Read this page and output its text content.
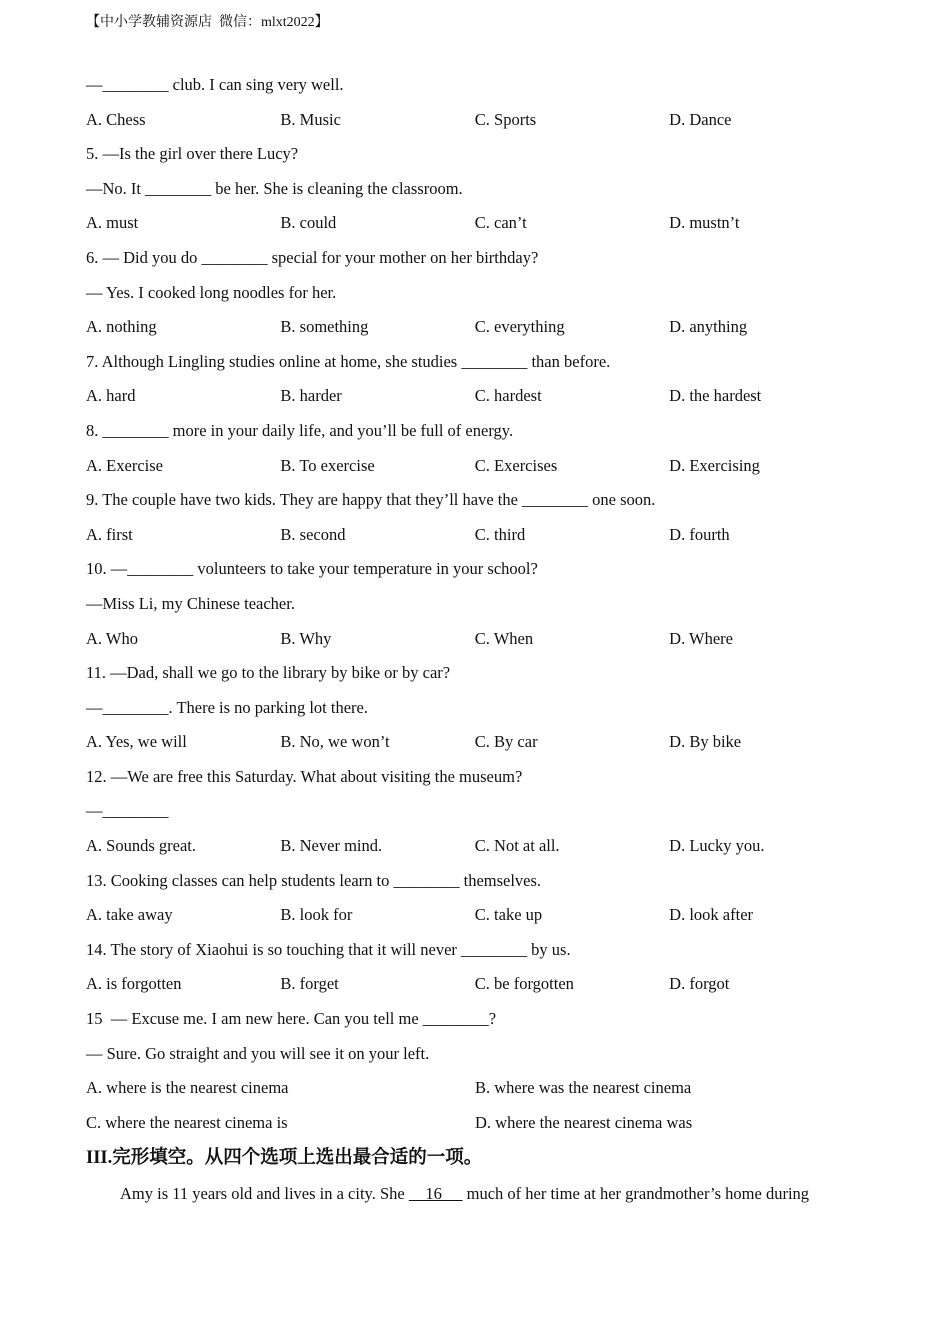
【中小学教辅资源店  微信：mlxt2022】
—________ club. I can sing very well.
A. Chess	B. Music	C. Sports	D. Dance
5. —Is the girl over there Lucy?
—No. It ________ be her. She is cleaning the classroom.
A. must	B. could	C. can’t	D. mustn’t
6. — Did you do ________ special for your mother on her birthday?
— Yes. I cooked long noodles for her.
A. nothing	B. something	C. everything	D. anything
7. Although Lingling studies online at home, she studies ________ than before.
A. hard	B. harder	C. hardest	D. the hardest
8. ________ more in your daily life, and you’ll be full of energy.
A. Exercise	B. To exercise	C. Exercises	D. Exercising
9. The couple have two kids. They are happy that they’ll have the ________ one soon.
A. first	B. second	C. third	D. fourth
10. —________ volunteers to take your temperature in your school?
—Miss Li, my Chinese teacher.
A. Who	B. Why	C. When	D. Where
11. —Dad, shall we go to the library by bike or by car?
—________. There is no parking lot there.
A. Yes, we will	B. No, we won’t	C. By car	D. By bike
12. —We are free this Saturday. What about visiting the museum?
—________
A. Sounds great.	B. Never mind.	C. Not at all.	D. Lucky you.
13. Cooking classes can help students learn to ________ themselves.
A. take away	B. look for	C. take up	D. look after
14. The story of Xiaohui is so touching that it will never ________ by us.
A. is forgotten	B. forget	C. be forgotten	D. forgot
15  — Excuse me. I am new here. Can you tell me ________?
— Sure. Go straight and you will see it on your left.
A. where is the nearest cinema	B. where was the nearest cinema
C. where the nearest cinema is	D. where the nearest cinema was
III.完形填空。从四个选项上选出最合适的一项。
Amy is 11 years old and lives in a city. She     16      much of her time at her grandmother’s home during
